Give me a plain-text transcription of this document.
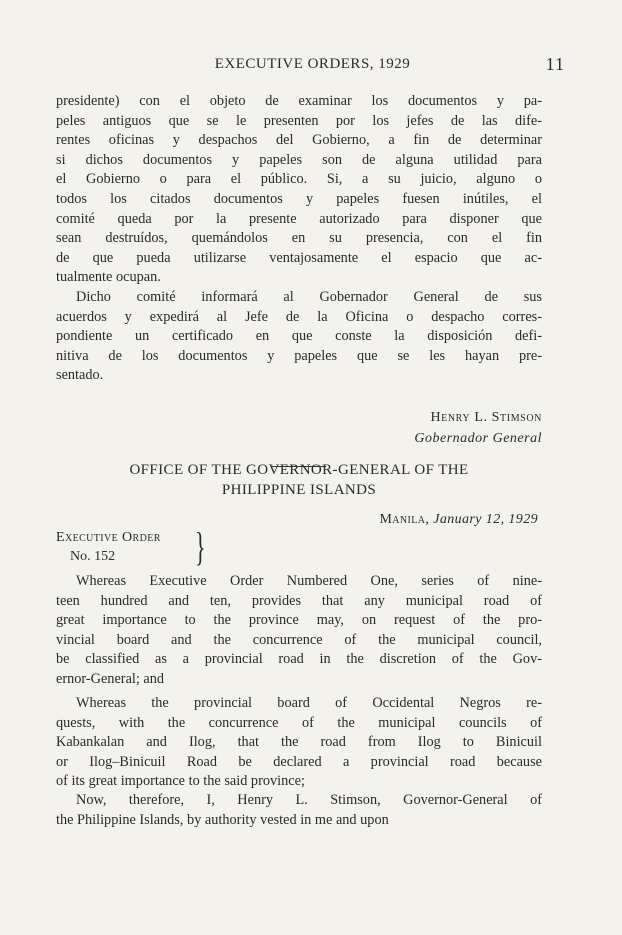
EXECUTIVE ORDERS, 1929	11

presidente) con el objeto de examinar los documentos y pa-
peles antiguos que se le presenten por los jefes de las dife-
rentes oficinas y despachos del Gobierno, a fin de determinar
si dichos documentos y papeles son de alguna utilidad para
el Gobierno o para el público. Si, a su juicio, alguno o
todos los citados documentos y papeles fuesen inútiles, el
comité queda por la presente autorizado para disponer que
sean destruídos, quemándolos en su presencia, con el fin
de que pueda utilizarse ventajosamente el espacio que ac-
tualmente ocupan.

Dicho comité informará al Gobernador General de sus
acuerdos y expedirá al Jefe de la Oficina o despacho corres-
pondiente un certificado en que conste la disposición defi-
nitiva de los documentos y papeles que se les hayan pre-
sentado.

Henry L. Stimson
Gobernador General
OFFICE OF THE GOVERNOR-GENERAL OF THE
PHILIPPINE ISLANDS
Manila, January 12, 1929
Executive Order
No. 152	}

Whereas Executive Order Numbered One, series of nine-
teen hundred and ten, provides that any municipal road of
great importance to the province may, on request of the pro-
vincial board and the concurrence of the municipal council,
be classified as a provincial road in the discretion of the Gov-
ernor-General; and

Whereas the provincial board of Occidental Negros re-
quests, with the concurrence of the municipal councils of
Kabankalan and Ilog, that the road from Ilog to Binicuil
or Ilog–Binicuil Road be declared a provincial road because
of its great importance to the said province;

Now, therefore, I, Henry L. Stimson, Governor-General of
the Philippine Islands, by authority vested in me and upon
